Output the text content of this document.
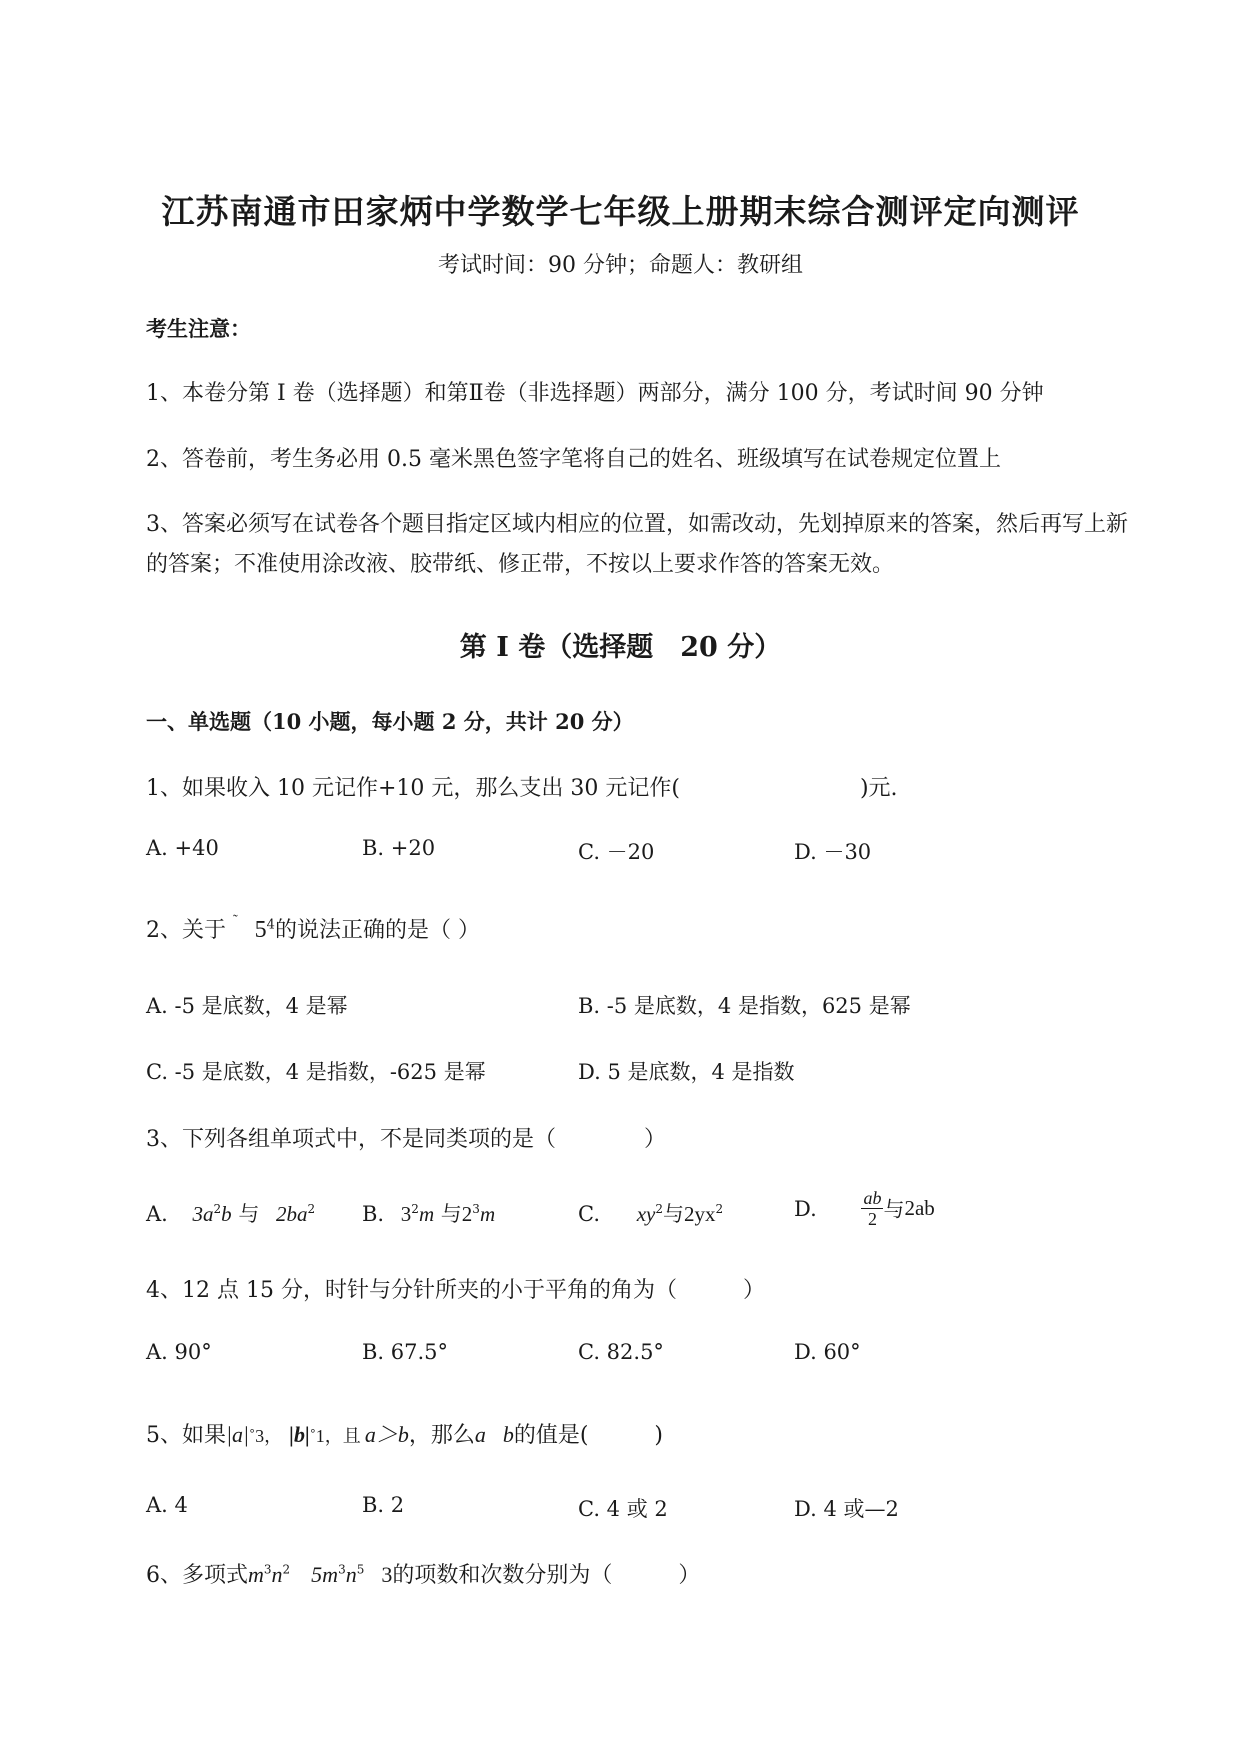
江苏南通市田家炳中学数学七年级上册期末综合测评定向测评
考试时间：90 分钟；命题人：教研组
考生注意：
1、本卷分第 I 卷（选择题）和第Ⅱ卷（非选择题）两部分，满分 100 分，考试时间 90 分钟
2、答卷前，考生务必用 0.5 毫米黑色签字笔将自己的姓名、班级填写在试卷规定位置上
3、答案必须写在试卷各个题目指定区域内相应的位置，如需改动，先划掉原来的答案，然后再写上新
的答案；不准使用涂改液、胶带纸、修正带，不按以上要求作答的答案无效。
第 I 卷（选择题　20 分）
一、单选题（10 小题，每小题 2 分，共计 20 分）
1、如果收入 10 元记作+10 元，那么支出 30 元记作(	)元.
A. +40	B. +20	C. －20	D. －30
2、关于 ˜ $5^4$的说法正确的是（ ）
A. -5 是底数，4 是幂	B. -5 是底数，4 是指数，625 是幂
C. -5 是底数，4 是指数，-625 是幂	D. 5 是底数，4 是指数
3、下列各组单项式中，不是同类项的是（　　　　）
A. $3a^2b$ 与 $2ba^2$ B. $3^2m$ 与$2^3m$	C. $xy^2$与$2yx^2$	D. $\frac{ab}{2}$ 与2ab
4、12 点 15 分，时针与分针所夹的小于平角的角为（　　　）
A. 90°	B. 67.5°	C. 82.5°	D. 60°
5、如果|a|˚3， |b|˚1，且 a＞b，那么a b的值是(　　　)
A. 4	B. 2	C. 4 或 2	D. 4 或—2
6、多项式$m^3n^2$ $5m^3n^5$ 3的项数和次数分别为（　　　）
